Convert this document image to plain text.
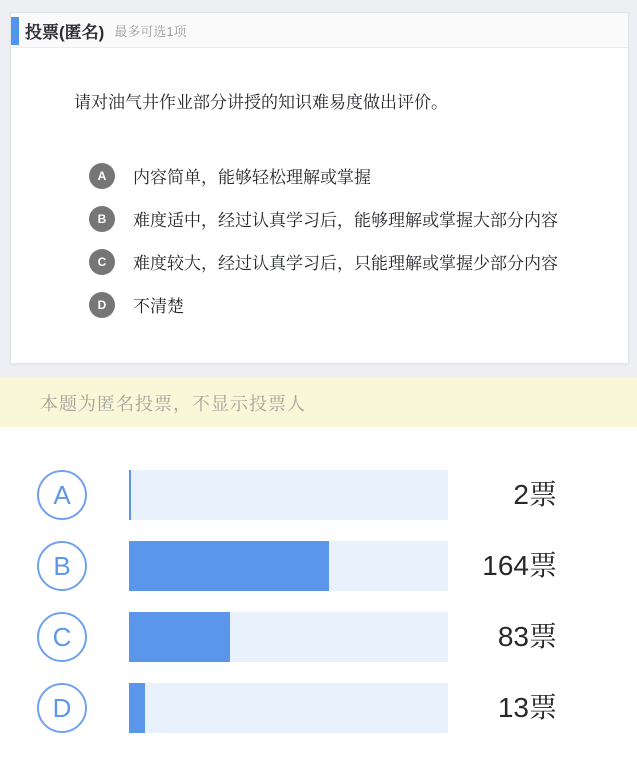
投票(匿名) 最多可选1项

请对油气井作业部分讲授的知识难易度做出评价。

A	内容简单，能够轻松理解或掌握
B	难度适中，经过认真学习后，能够理解或掌握大部分内容
C	难度较大，经过认真学习后，只能理解或掌握少部分内容
D	不清楚
本题为匿名投票，不显示投票人
A	2票
B	164票
C	83票
D	13票
